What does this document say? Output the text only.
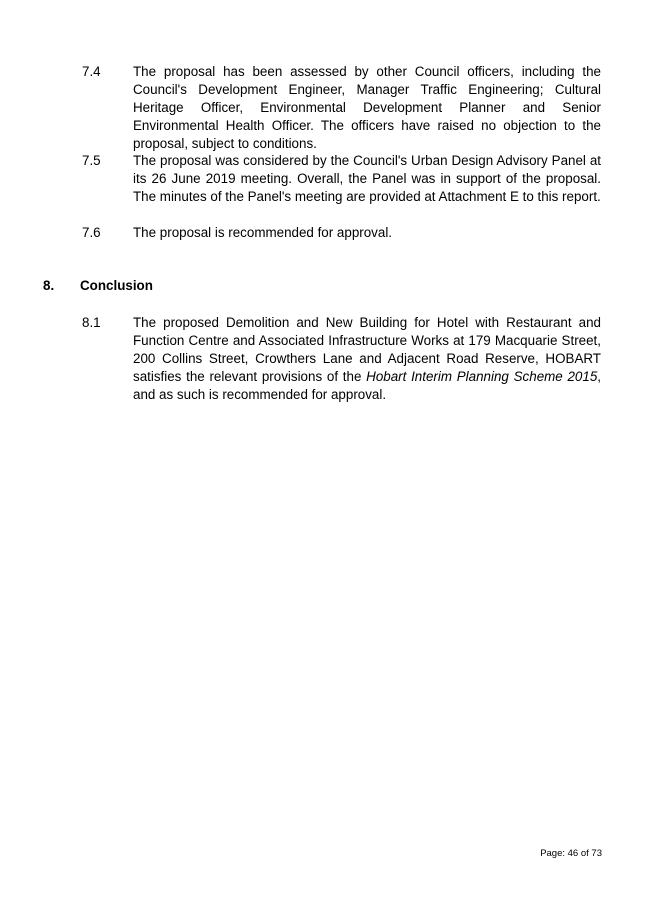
7.4 The proposal has been assessed by other Council officers, including the Council's Development Engineer, Manager Traffic Engineering; Cultural Heritage Officer, Environmental Development Planner and Senior Environmental Health Officer. The officers have raised no objection to the proposal, subject to conditions.
7.5 The proposal was considered by the Council's Urban Design Advisory Panel at its 26 June 2019 meeting. Overall, the Panel was in support of the proposal. The minutes of the Panel's meeting are provided at Attachment E to this report.
7.6 The proposal is recommended for approval.
8. Conclusion
8.1 The proposed Demolition and New Building for Hotel with Restaurant and Function Centre and Associated Infrastructure Works at 179 Macquarie Street, 200 Collins Street, Crowthers Lane and Adjacent Road Reserve, HOBART satisfies the relevant provisions of the Hobart Interim Planning Scheme 2015, and as such is recommended for approval.
Page: 46 of 73
